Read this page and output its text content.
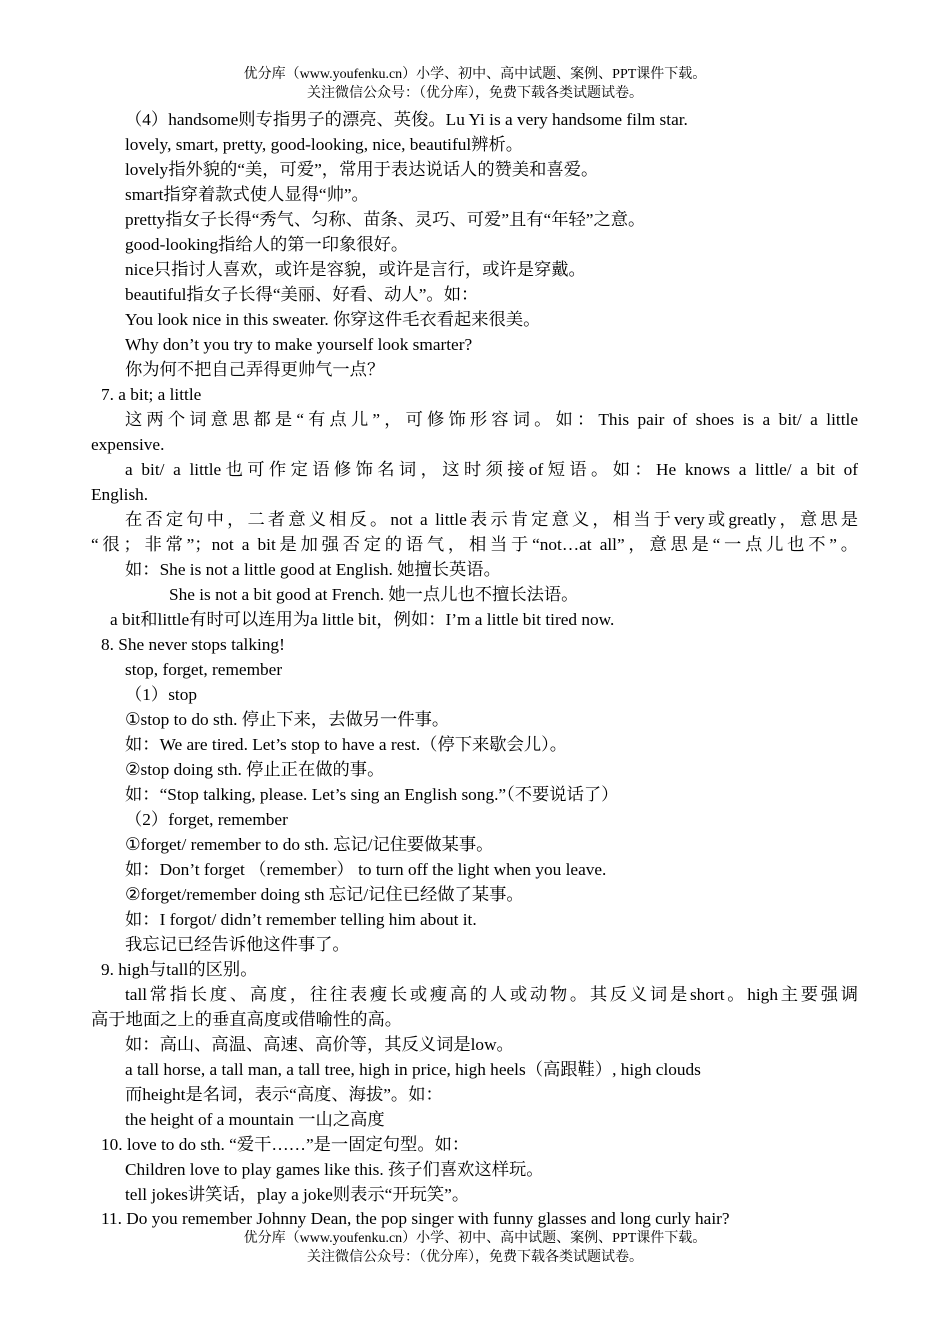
优分库（www.youfenku.cn）小学、初中、高中试题、案例、PPT课件下载。
关注微信公众号：（优分库），免费下载各类试题试卷。
（4）handsome则专指男子的漂亮、英俊。Lu Yi is a very handsome film star.
lovely, smart, pretty, good-looking, nice, beautiful辨析。
lovely指外貌的“美，可爱”，常用于表达说话人的赞美和喜爱。
smart指穿着款式使人显得“帅”。
pretty指女子长得“秀气、匀称、苗条、灵巧、可爱”且有“年轻”之意。
good-looking指给人的第一印象很好。
nice只指讨人喜欢，或许是容貌，或许是言行，或许是穿戴。
beautiful指女子长得“美丽、好看、动人”。如：
You look nice in this sweater. 你穿这件毛衣看起来很美。
Why don’t you try to make yourself look smarter?
你为何不把自己弄得更帅气一点？
7. a bit; a little
这两个词意思都是“有点儿”，可修饰形容词。如：This pair of shoes is a bit/ a little
expensive.
a bit/ a little也可作定语修饰名词，这时须接of短语。如：He knows a little/ a bit of
English.
在否定句中，二者意义相反。not a little表示肯定意义，相当于very或greatly，意思是
“很；非常”；not a bit是加强否定的语气，相当于“not…at all”，意思是“一点儿也不”。
如：She is not a little good at English. 她擅长英语。
She is not a bit good at French. 她一点儿也不擅长法语。
a bit和little有时可以连用为a little bit，例如：I’m a little bit tired now.
8. She never stops talking!
stop, forget, remember
（1）stop
①stop to do sth. 停止下来，去做另一件事。
如：We are tired. Let’s stop to have a rest.（停下来歇会儿）。
②stop doing sth. 停止正在做的事。
如：“Stop talking, please. Let’s sing an English song.”（不要说话了）
（2）forget, remember
①forget/ remember to do sth. 忘记/记住要做某事。
如：Don’t forget （remember） to turn off the light when you leave.
②forget/remember doing sth 忘记/记住已经做了某事。
如：I forgot/ didn’t remember telling him about it.
我忘记已经告诉他这件事了。
9. high与tall的区别。
tall常指长度、高度，往往表瘦长或瘦高的人或动物。其反义词是short。high主要强调
高于地面之上的垂直高度或借喻性的高。
如：高山、高温、高速、高价等，其反义词是low。
a tall horse, a tall man, a tall tree, high in price, high heels（高跟鞋）, high clouds
而height是名词，表示“高度、海拔”。如：
the height of a mountain 一山之高度
10. love to do sth. “爱干……”是一固定句型。如：
Children love to play games like this. 孩子们喜欢这样玩。
tell jokes讲笑话，play a joke则表示“开玩笑”。
11. Do you remember Johnny Dean, the pop singer with funny glasses and long curly hair?
优分库（www.youfenku.cn）小学、初中、高中试题、案例、PPT课件下载。
关注微信公众号：（优分库），免费下载各类试题试卷。
